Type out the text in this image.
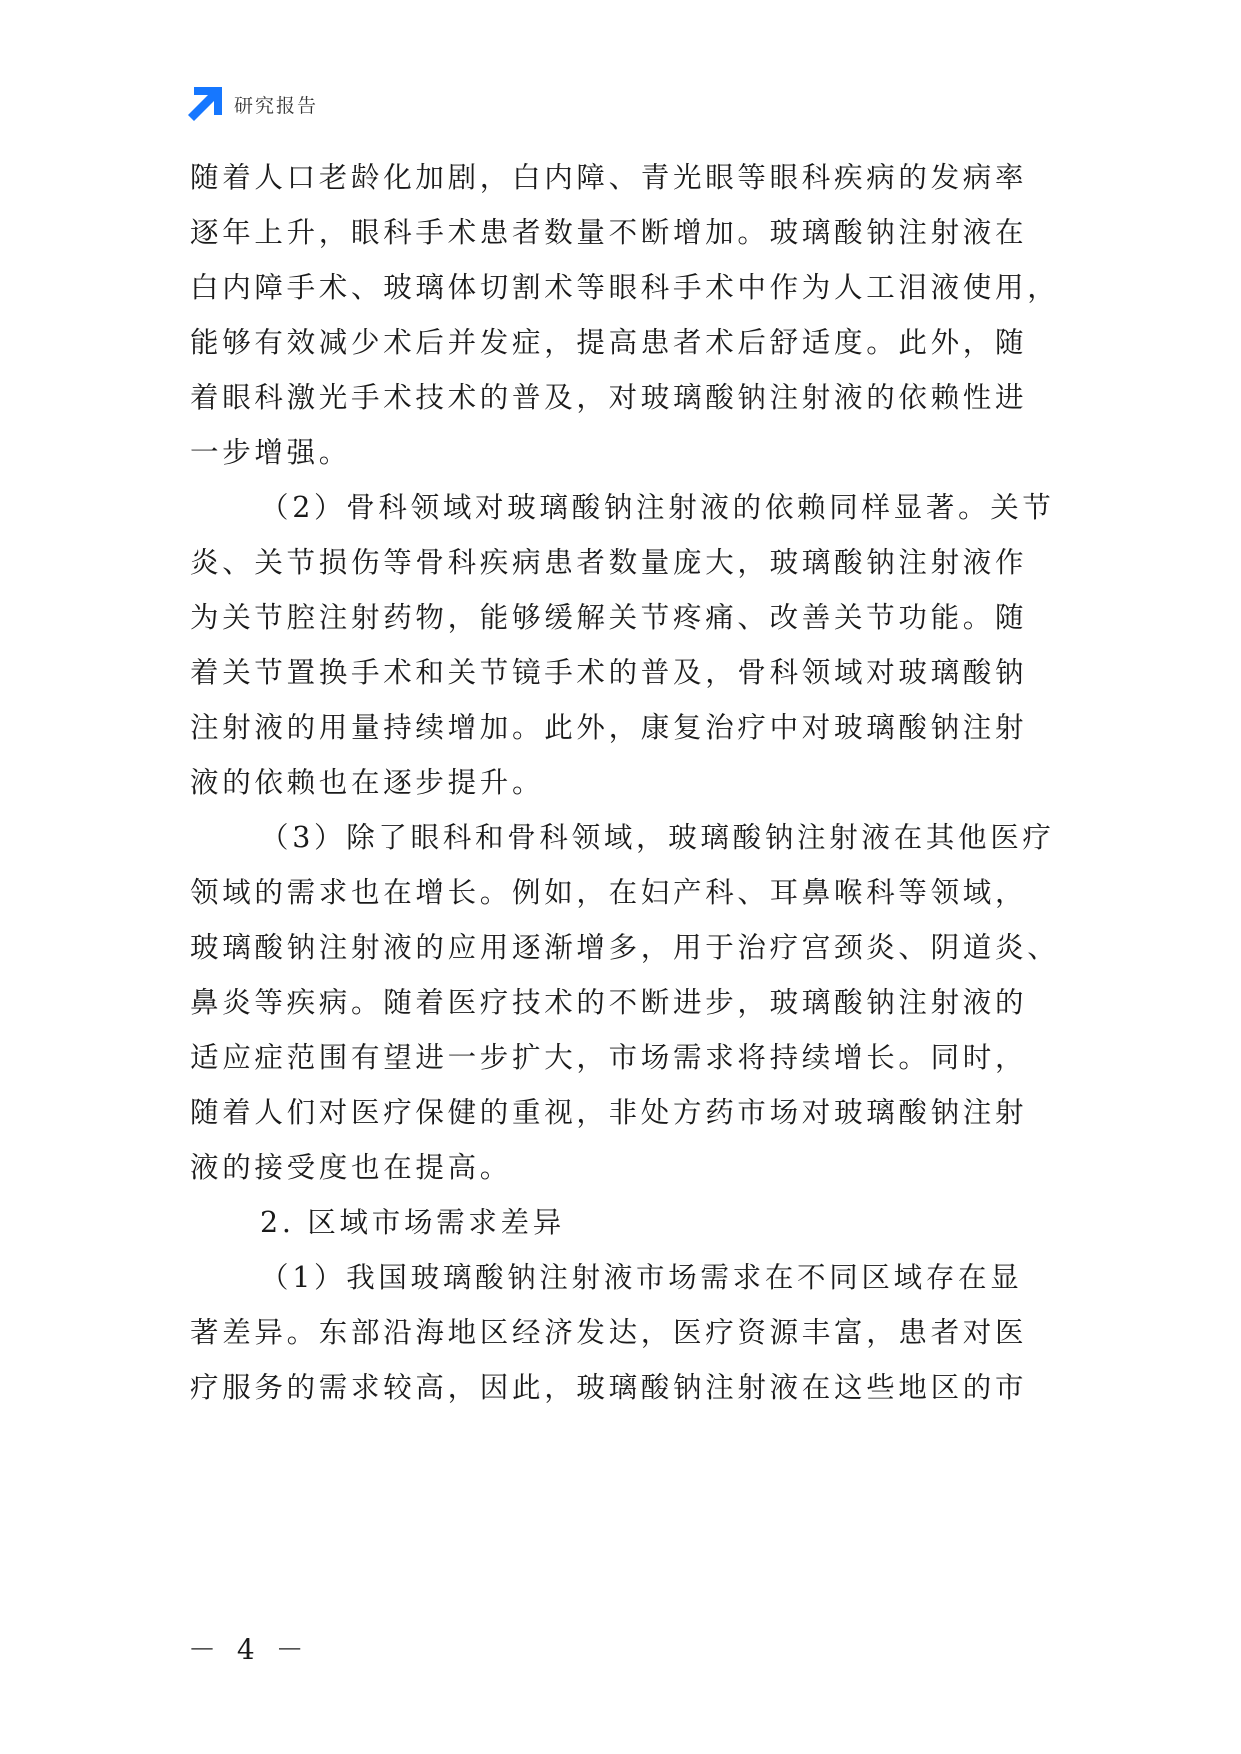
研究报告
随着人口老龄化加剧，白内障、青光眼等眼科疾病的发病率
逐年上升，眼科手术患者数量不断增加。玻璃酸钠注射液在
白内障手术、玻璃体切割术等眼科手术中作为人工泪液使用，
能够有效减少术后并发症，提高患者术后舒适度。此外，随
着眼科激光手术技术的普及，对玻璃酸钠注射液的依赖性进
一步增强。
（2）骨科领域对玻璃酸钠注射液的依赖同样显著。关节
炎、关节损伤等骨科疾病患者数量庞大，玻璃酸钠注射液作
为关节腔注射药物，能够缓解关节疼痛、改善关节功能。随
着关节置换手术和关节镜手术的普及，骨科领域对玻璃酸钠
注射液的用量持续增加。此外，康复治疗中对玻璃酸钠注射
液的依赖也在逐步提升。
（3）除了眼科和骨科领域，玻璃酸钠注射液在其他医疗
领域的需求也在增长。例如，在妇产科、耳鼻喉科等领域，
玻璃酸钠注射液的应用逐渐增多，用于治疗宫颈炎、阴道炎、
鼻炎等疾病。随着医疗技术的不断进步，玻璃酸钠注射液的
适应症范围有望进一步扩大，市场需求将持续增长。同时，
随着人们对医疗保健的重视，非处方药市场对玻璃酸钠注射
液的接受度也在提高。
2. 区域市场需求差异
（1）我国玻璃酸钠注射液市场需求在不同区域存在显
著差异。东部沿海地区经济发达，医疗资源丰富，患者对医
疗服务的需求较高，因此，玻璃酸钠注射液在这些地区的市
－ 4 －
